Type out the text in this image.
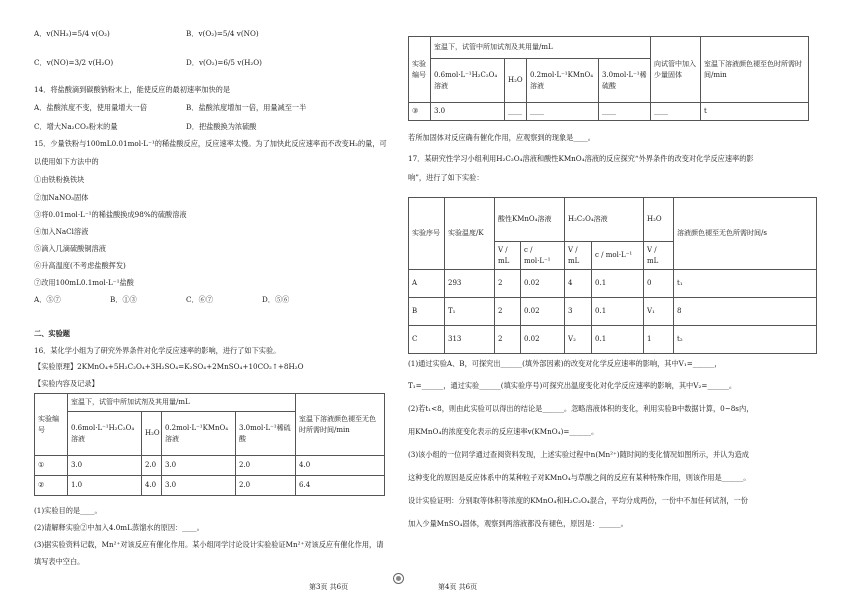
A．v(NH₃)=5/4 v(O₂)	B．v(O₂)=5/4 v(NO)
C．v(NO)=3/2 v(H₂O)	D．v(O₂)=6/5 v(H₂O)
14．将盐酸滴到碳酸钠粉末上，能使反应的最初速率加快的是
A．盐酸浓度不变，使用量增大一倍	B．盐酸浓度增加一倍，用量减至一半
C．增大Na₂CO₃粉末的量	D．把盐酸换为浓硫酸
15．少量铁粉与100mL0.01mol·L⁻¹的稀盐酸反应，反应速率太慢。为了加快此反应速率而不改变H₂的量，可
以使用如下方法中的
①由铁粉换铁块
②加NaNO₃固体
③将0.01mol·L⁻¹的稀盐酸换成98%的硫酸溶液
④加入NaCl溶液
⑤滴入几滴硫酸铜溶液
⑥升高温度(不考虑盐酸挥发)
⑦改用100mL0.1mol·L⁻¹盐酸
A．⑤⑦	B．①③	C．⑥⑦	D．⑤⑥
二、实验题
16．某化学小组为了研究外界条件对化学反应速率的影响，进行了如下实验。
【实验原理】2KMnO₄+5H₂C₂O₄+3H₂SO₄=K₂SO₄+2MnSO₄+10CO₂↑+8H₂O
【实验内容及记录】
实验编号	室温下，试管中所加试剂及其用量/mL				室温下溶液颜色褪至无色时所需时间/min
	0.6mol·L⁻¹H₂C₂O₄溶液	H₂O	0.2mol·L⁻¹KMnO₄溶液	3.0mol·L⁻¹稀硫酸	
①	3.0	2.0	3.0	2.0	4.0
②	1.0	4.0	3.0	2.0	6.4
(1)实验目的是____。
(2)请解释实验②中加入4.0mL蒸馏水的原因：____。
(3)据实验资料记载，Mn²⁺对该反应有催化作用。某小组同学讨论设计实验验证Mn²⁺对该反应有催化作用，请
填写表中空白。
第3页 共6页
实验编号	室温下，试管中所加试剂及其用量/mL				向试管中加入少量固体	室温下溶液颜色褪至色时所需时间/min
	0.6mol·L⁻¹H₂C₂O₄溶液	H₂O	0.2mol·L⁻¹KMnO₄溶液	3.0mol·L⁻¹稀硫酸		
③	3.0	____	____	____	____	t
若所加固体对反应确有催化作用，应观察到的现象是____。
17．某研究性学习小组利用H₂C₂O₄溶液和酸性KMnO₄溶液的反应探究“外界条件的改变对化学反应速率的影
响”，进行了如下实验：
实验序号	实验温度/K	酸性KMnO₄溶液		H₂C₂O₄溶液		H₂O	溶液颜色褪至无色所需时间/s
		V / mL	c / mol·L⁻¹	V / mL	c / mol·L⁻¹	V / mL	
A	293	2	0.02	4	0.1	0	t₁
B	T₁	2	0.02	3	0.1	V₁	8
C	313	2	0.02	V₂	0.1	1	t₂
(1)通过实验A、B，可探究出______(填外部因素)的改变对化学反应速率的影响，其中V₁=______，
T₁=______，通过实验______(填实验序号)可探究出温度变化对化学反应速率的影响，其中V₂=______。
(2)若t₁<8，则由此实验可以得出的结论是______。忽略溶液体积的变化，利用实验B中数据计算，0~8s内，
用KMnO₄的浓度变化表示的反应速率v(KMnO₄)=______。
(3)该小组的一位同学通过查阅资料发现，上述实验过程中n(Mn²⁺)随时间的变化情况如图所示，并认为造成
这种变化的原因是反应体系中的某种粒子对KMnO₄与草酸之间的反应有某种特殊作用，则该作用是______。
设计实验证明：分别取等体积等浓度的KMnO₄和H₂C₂O₄混合，平均分成两份，一份中不加任何试剂，一份
加入少量MnSO₄固体，观察到两溶液都没有褪色，原因是：______。
第4页 共6页
